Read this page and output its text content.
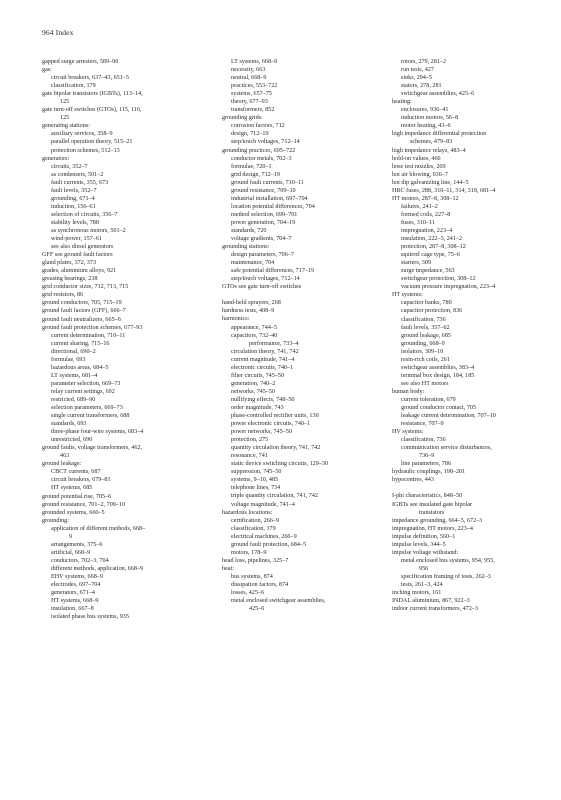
964 Index
gapped surge arresters, 589–90
gas:
circuit breakers, 637–43, 651–5
classification, 179
gate bipolar transistors (IGBTs), 113–14,
125
gate turn-off switches (GTOs), 115, 116,
125
generating stations:
auxiliary services, 358–9
parallel operation theory, 515–21
protection schemes, 512–13
generators:
circuits, 352–7
as condensers, 501–2
fault currents, 355, 673
fault levels, 352–7
grounding, 671–4
induction, 156–61
selection of circuits, 356–7
stability levels, 788
as synchronous motors, 501–2
wind-power, 157–61
see also diesel generators
GFF see ground fault factors
gland plates, 372, 373
grades, aluminium alloys, 921
greasing bearings, 238
grid conductor sizes, 712, 713, 715
grid resistors, 86
ground conductors, 705, 715–19
ground fault factors (GFF), 666–7
ground fault neutralizers, 665–6
ground fault protection schemes, 677–93
current determination, 710–11
current sharing, 715–16
directional, 690–2
formulae, 693
hazardous areas, 684–5
LT systems, 681–4
parameter selection, 669–73
relay current settings, 692
restricted, 689–90
selection parameters, 669–73
single current transformers, 688
standards, 693
three-phase four-wire systems, 683–4
unrestricted, 690
ground faults, voltage transformers, 462,
463
ground leakage:
CBCT currents, 687
circuit breakers, 679–81
HT systems, 685
ground potential rise, 705–6
ground resistance, 701–2, 709–10
grounded systems, 660–5
grounding:
application of different methods, 668–
9
arrangements, 375–6
artificial, 668–9
conductors, 702–3, 704
different methods, application, 668–9
EHV systems, 668–9
electrodes, 697–704
generators, 671–4
HT systems, 668–9
insulation, 667–8
isolated phase bus systems, 935
LT systems, 668–9
necessity, 663
neutral, 668–9
practices, 553–722
systems, 657–75
theory, 677–93
transformers, 852
grounding grids:
corrosion factors, 712
design, 712–19
step/touch voltages, 712–14
grounding practices, 695–722
conductor metals, 702–3
formulae, 720–1
grid design, 712–19
ground fault currents, 710–11
ground resistance, 709–10
industrial installation, 697–704
location potential differences, 704
method selection, 699–701
power generation, 704–19
standards, 720
voltage gradients, 704–7
grounding stations:
design parameters, 706–7
maintenance, 704
safe potential differences, 717–19
step/touch voltages, 712–14
GTOs see gate turn-off switches
hand-held sprayers, 268
hardness tests, 408–9
harmonics:
appearance, 744–5
capacitors, 732–40
performance, 733–4
circulation theory, 741, 742
current magnitude, 741–4
electronic circuits, 740–1
filter circuits, 745–50
generation, 740–2
networks, 745–50
nullifying effects, 748–50
order magnitude, 743
phase-controlled rectifier units, 130
power electronic circuits, 740–1
power networks, 745–50
protection, 275
quantity circulation theory, 741, 742
resonance, 741
static device switching circuits, 129–30
suppression, 745–50
systems, 9–10, 485
telephone lines, 734
triple quantity circulation, 741, 742
voltage magnitude, 741–4
hazardous locations:
certification, 266–9
classification, 179
electrical machines, 266–9
ground fault protection, 684–5
motors, 178–9
head loss, pipelines, 325–7
heat:
bus systems, 874
dissipation factors, 874
losses, 425–6
metal enclosed switchgear assemblies,
425–6
rotors, 279, 281–2
run tests, 427
sinks, 294–5
stators, 278, 281
switchgear assemblies, 425–6
heating:
enclosures, 936–41
induction motors, 56–8
motor heating, 43–6
high impedance differential protection
schemes, 479–83
high impedance relays, 483–4
hold-on values, 466
hose test nozzles, 269
hot air blowing, 936–7
hot dip galvanizing line, 144–5
HRC fuses, 288, 310–11, 314, 318, 681–4
HT motors, 287–8, 308–12
failures, 241–2
formed coils, 227–8
fuses, 310–11
impregnation, 223–4
insulation, 222–3, 241–2
protection, 287–8, 308–12
squirrel cage type, 75–6
starters, 309
surge impedance, 563
switchgear protection, 308–12
vacuum pressure impregnation, 223–4
HT systems:
capacitor banks, 780
capacitor protection, 836
classification, 736
fault levels, 357–62
ground leakage, 685
grounding, 668–9
isolators, 309–10
resin-rich coils, 261
switchgear assemblies, 383–4
terminal box design, 184, 185
see also HT motors
human body:
current toleration, 679
ground conductor contact, 705
leakage current determination, 707–10
resistance, 707–9
HV systems:
classification, 736
communication service disturbances,
736–9
line parameters, 786
hydraulic couplings, 198–201
hypocentres, 443
I-phi characteristics, 848–50
IGBTs see insulated gate bipolar
transistors
impedance grounding, 664–5, 672–3
impregnation, HT motors, 223–4
impulse definition, 560–1
impulse levels, 344–5
impulse voltage withstand:
metal enclosed bus systems, 954, 955,
956
specification framing of tests, 262–3
tests, 261–3, 424
inching motors, 161
INDAL aluminium, 867, 922–3
indoor current transformers, 472–3
